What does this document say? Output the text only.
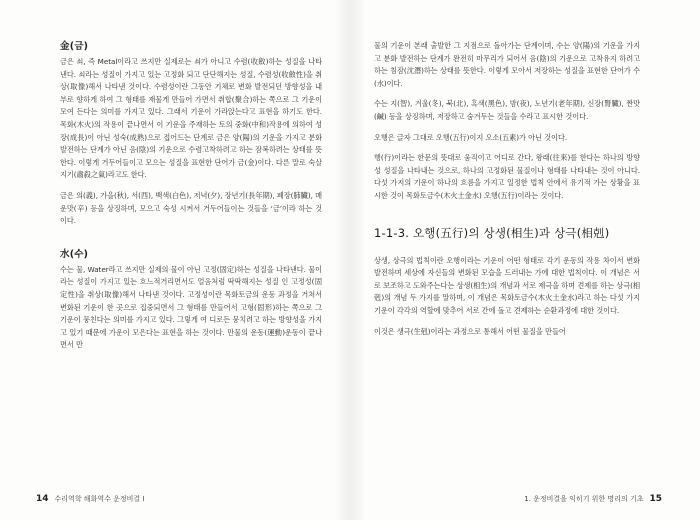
金(금)

금은 쇠, 즉 Metal이라고 쓰지만 실제로는 쇠가 아니고 수렴(收斂)하는 성질을 나타낸다. 쇠라는 성질이 가지고 있는 고정화 되고 단단해지는 성질, 수렴성(收斂性)을 취상(取像)해서 나타낸 것이다. 수렴성이란 그동안 기체로 변화 발전되던 방향성을 내부로 향하게 하여 그 형태를 재물게 만들어 가면서 취합(聚合)하는 쪽으로 그 기운이 모여 든다는 의미를 가지고 있다. 그래서 기운이 가라앉는다고 표현을 하기도 한다. 목화(木火)의 작용이 끝나면서 이 기운을 주재하는 토의 중화(中和)작용에 의하여 성장(成長)이 아닌 성숙(成熟)으로 접어드는 단계로 금은 양(陽)의 기운을 가지고 분화 발전하는 단계가 아닌 음(陰)의 기운으로 수렴고착하려고 하는 잠복하려는 상태를 뜻한다. 이렇게 거두어들이고 모으는 성질을 표현한 단어가 금(金)이다. 다른 말로 숙살지기(肅殺之氣)라고도 한다.

금은 의(義), 가을(秋), 서(西), 백색(白色), 저녁(夕), 장년기(長年期), 폐장(肺臟), 매운맛(辛) 등을 상징하며, 모으고 숙성 시켜서 거두어들이는 것들을 ‘금’이라 하는 것이다.

水(수)

수는 물, Water라고 쓰지만 실제의 물이 아닌 고정(固定)하는 성질을 나타낸다. 물이라는 성질이 가지고 있는 흐느적거리면서도 얼음처럼 딱딱해지는 성질 인 고정성(固定性)을 취상(取像)해서 나타낸 것이다. 고정성이란 목화토금의 운동 과정을 거쳐서 변화된 기운이 한 곳으로 집중되면서 그 형태를 만들어서 고형(固形)하는 쪽으로 그 기운이 뭉친다는 의미를 가지고 있다. 그렇게 여 디로든 뭉치려고 하는 방향성을 가지고 있기 때문에 가운이 모은다는 표현을 하는 것이다. 만물의 운동(運動)운동이 끝나면서 만

14 수리역학 해화역수 운정비결 Ⅰ

물의 기운이 본래 출발한 그 지점으로 돌아가는 단계이며, 수는 양(陽)의 기운을 가지고 분화 발전하는 단계가 완전히 마무리가 되어서 음(陰)의 기운으로 고착유지 하려고 하는 침잠(沈潛)하는 상태를 뜻한다. 이렇게 모아서 저장하는 성질을 표현한 단어가 수(水)이다.

수는 지(智), 겨울(冬), 북(北), 흑색(黑色), 밤(夜), 노년기(老年期), 신장(腎臟), 짠맛(鹹) 등을 상징하며, 저장하고 숨겨두는 것들을 수라고 표시한 것이다.

오행은 글자 그대로 오행(五行)이지 오소(五素)가 아닌 것이다.

행(行)이라는 한문의 뜻대로 움직이고 어디로 간다, 왕래(往來)를 한다는 하나의 방향성 성질을 나타내는 것으로, 하나의 고정화된 물질이나 형태를 나타내는 것이 아니다. 다섯 가지의 기운이 하나의 흐름을 가지고 일정한 법칙 안에서 유기적 가는 상황을 표시한 것이 목화토금수(木火土金水) 오행(五行)이라는 것이다.

1-1-3. 오행(五行)의 상생(相生)과 상극(相剋)

상생, 상극의 법칙이란 오행이라는 기운이 어떤 형태로 각기 운동의 작용 차이서 변화 발전하며 세상에 자신들의 변화된 모습을 드러내는 가에 대한 법칙이다. 이 개념은 서로 보조하고 도와주는다는 상생(相生)의 개념과 서로 제극을 하며 견제를 하는 상극(相剋)의 개념 두 가지를 말하며, 이 개념은 목화토금수(木火土金水)라고 하는 다섯 가지 기운이 각각의 역할에 맞추어 서로 간에 돌고 견제하는 순환과정에 대한 것이다.

이것은 생극(生剋)이라는 과정으로 통해서 어떤 물질을 만들어

1. 운정비결을 익히기 위한 명리의 기초 15
